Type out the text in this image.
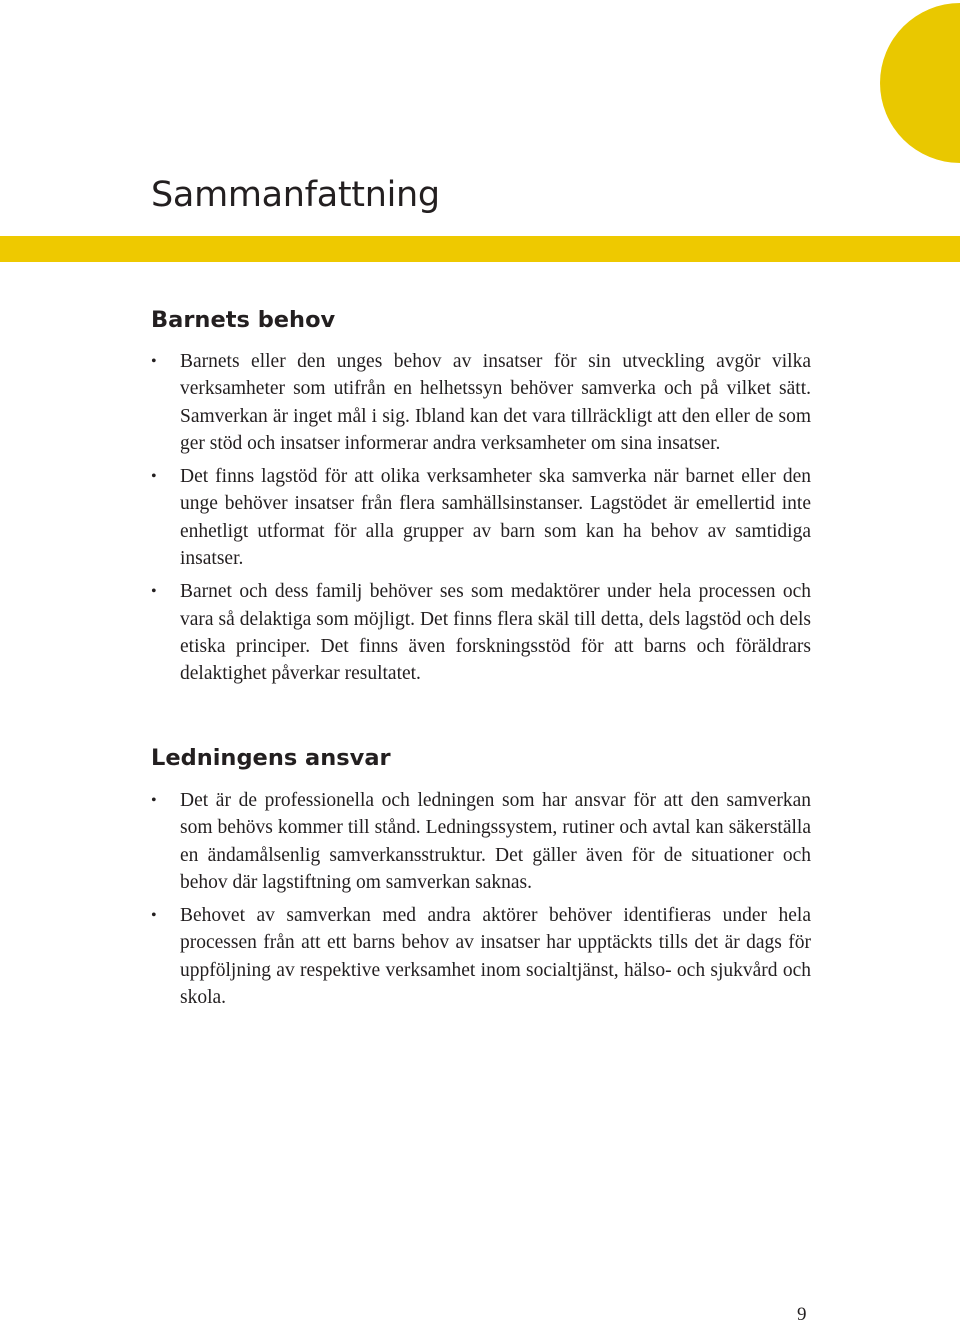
Sammanfattning
Barnets behov
• Barnets eller den unges behov av insatser för sin utveckling avgör vilka verksamheter som utifrån en helhetssyn behöver samverka och på vilket sätt. Samverkan är inget mål i sig. Ibland kan det vara tillräckligt att den eller de som ger stöd och insatser informerar andra verksamheter om sina insatser.
• Det finns lagstöd för att olika verksamheter ska samverka när barnet eller den unge behöver insatser från flera samhällsinstanser. Lagstödet är emellertid inte enhetligt utformat för alla grupper av barn som kan ha behov av samtidiga insatser.
• Barnet och dess familj behöver ses som medaktörer under hela processen och vara så delaktiga som möjligt. Det finns flera skäl till detta, dels lagstöd och dels etiska principer. Det finns även forskningsstöd för att barns och föräldrars delaktighet påverkar resultatet.
Ledningens ansvar
• Det är de professionella och ledningen som har ansvar för att den samverkan som behövs kommer till stånd. Ledningssystem, rutiner och avtal kan säkerställa en ändamålsenlig samverkansstruktur. Det gäller även för de situationer och behov där lagstiftning om samverkan saknas.
• Behovet av samverkan med andra aktörer behöver identifieras under hela processen från att ett barns behov av insatser har upptäckts tills det är dags för uppföljning av respektive verksamhet inom socialtjänst, hälso- och sjukvård och skola.
9
